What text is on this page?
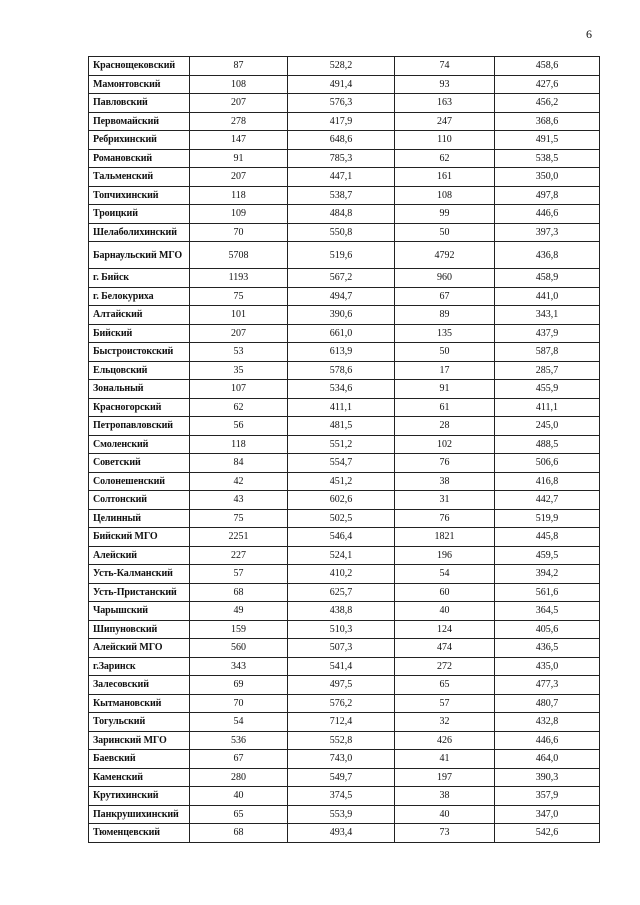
6
Краснощековский	87	528,2	74	458,6
Мамонтовский	108	491,4	93	427,6
Павловский	207	576,3	163	456,2
Первомайский	278	417,9	247	368,6
Ребрихинский	147	648,6	110	491,5
Романовский	91	785,3	62	538,5
Тальменский	207	447,1	161	350,0
Топчихинский	118	538,7	108	497,8
Троицкий	109	484,8	99	446,6
Шелаболихинский	70	550,8	50	397,3
Барнаульский МГО	5708	519,6	4792	436,8
г. Бийск	1193	567,2	960	458,9
г. Белокуриха	75	494,7	67	441,0
Алтайский	101	390,6	89	343,1
Бийский	207	661,0	135	437,9
Быстроистокский	53	613,9	50	587,8
Ельцовский	35	578,6	17	285,7
Зональный	107	534,6	91	455,9
Красногорский	62	411,1	61	411,1
Петропавловский	56	481,5	28	245,0
Смоленский	118	551,2	102	488,5
Советский	84	554,7	76	506,6
Солонешенский	42	451,2	38	416,8
Солтонский	43	602,6	31	442,7
Целинный	75	502,5	76	519,9
Бийский МГО	2251	546,4	1821	445,8
Алейский	227	524,1	196	459,5
Усть-Калманский	57	410,2	54	394,2
Усть-Пристанский	68	625,7	60	561,6
Чарышский	49	438,8	40	364,5
Шипуновский	159	510,3	124	405,6
Алейский МГО	560	507,3	474	436,5
г.Заринск	343	541,4	272	435,0
Залесовский	69	497,5	65	477,3
Кытмановский	70	576,2	57	480,7
Тогульский	54	712,4	32	432,8
Заринский МГО	536	552,8	426	446,6
Баевский	67	743,0	41	464,0
Каменский	280	549,7	197	390,3
Крутихинский	40	374,5	38	357,9
Панкрушихинский	65	553,9	40	347,0
Тюменцевский	68	493,4	73	542,6
